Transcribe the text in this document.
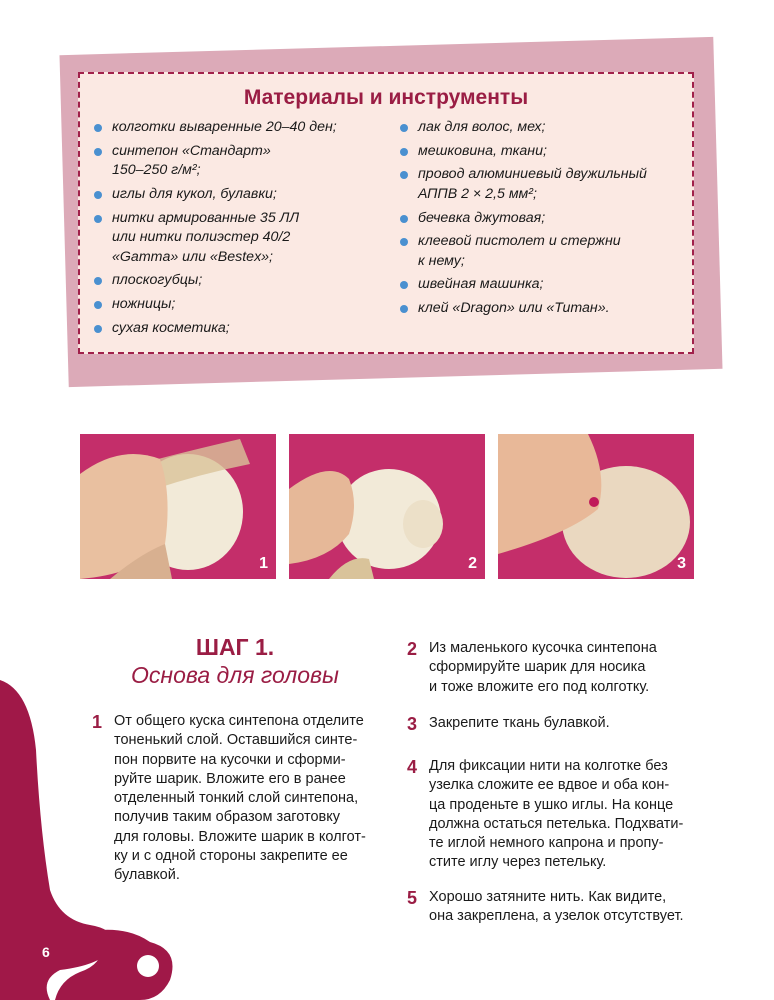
Материалы и инструменты
колготки вываренные 20–40 ден;
синтепон «Стандарт»
150–250 г/м²;
иглы для кукол, булавки;
нитки армированные 35 ЛЛ
или нитки полиэстер 40/2
«Gamma» или «Bestex»;
плоскогубцы;
ножницы;
сухая косметика;
лак для волос, мех;
мешковина, ткани;
провод алюминиевый двужильный
АППВ 2 × 2,5 мм²;
бечевка джутовая;
клеевой пистолет и стержни
к нему;
швейная машинка;
клей «Dragon» или «Титан».
1	2	3
ШАГ 1.
Основа для головы
1 От общего куска синтепона отделите
тоненький слой. Оставшийся синте-
пон порвите на кусочки и сформи-
руйте шарик. Вложите его в ранее
отделенный тонкий слой синтепона,
получив таким образом заготовку
для головы. Вложите шарик в колгот-
ку и с одной стороны закрепите ее
булавкой.
2 Из маленького кусочка синтепона
сформируйте шарик для носика
и тоже вложите его под колготку.
3 Закрепите ткань булавкой.
4 Для фиксации нити на колготке без
узелка сложите ее вдвое и оба кон-
ца проденьте в ушко иглы. На конце
должна остаться петелька. Подхвати-
те иглой немного капрона и пропу-
стите иглу через петельку.
5 Хорошо затяните нить. Как видите,
она закреплена, а узелок отсутствует.
6
